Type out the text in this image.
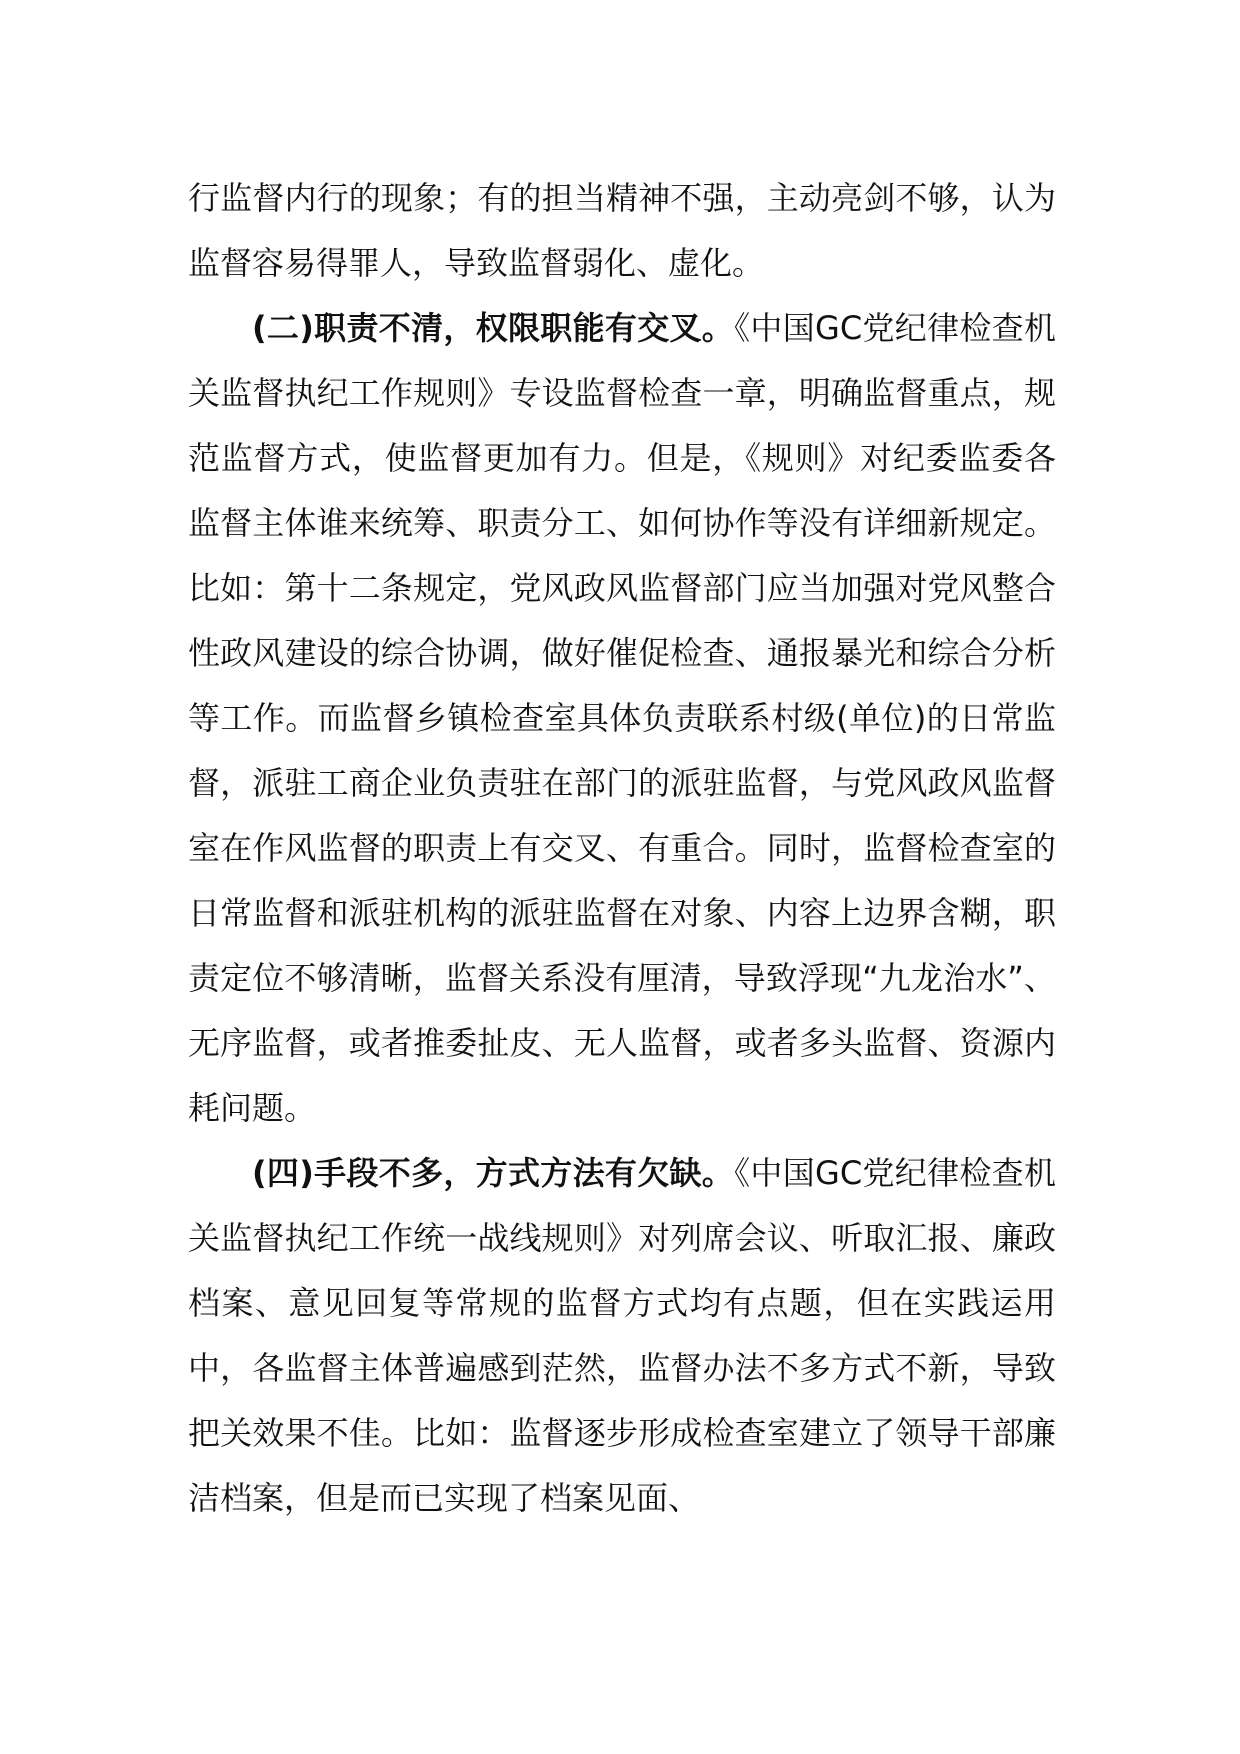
行监督内行的现象；有的担当精神不强，主动亮剑不够，认为监督容易得罪人，导致监督弱化、虚化。

(二)职责不清，权限职能有交叉。《中国GC党纪律检查机关监督执纪工作规则》专设监督检查一章，明确监督重点，规范监督方式，使监督更加有力。但是，《规则》对纪委监委各监督主体谁来统筹、职责分工、如何协作等没有详细新规定。比如：第十二条规定，党风政风监督部门应当加强对党风整合性政风建设的综合协调，做好催促检查、通报暴光和综合分析等工作。而监督乡镇检查室具体负责联系村级(单位)的日常监督，派驻工商企业负责驻在部门的派驻监督，与党风政风监督室在作风监督的职责上有交叉、有重合。同时，监督检查室的日常监督和派驻机构的派驻监督在对象、内容上边界含糊，职责定位不够清晰，监督关系没有厘清，导致浮现“九龙治水”、无序监督，或者推委扯皮、无人监督，或者多头监督、资源内耗问题。

(四)手段不多，方式方法有欠缺。《中国GC党纪律检查机关监督执纪工作统一战线规则》对列席会议、听取汇报、廉政档案、意见回复等常规的监督方式均有点题，但在实践运用中，各监督主体普遍感到茫然，监督办法不多方式不新，导致把关效果不佳。比如：监督逐步形成检查室建立了领导干部廉洁档案，但是而已实现了档案见面、
